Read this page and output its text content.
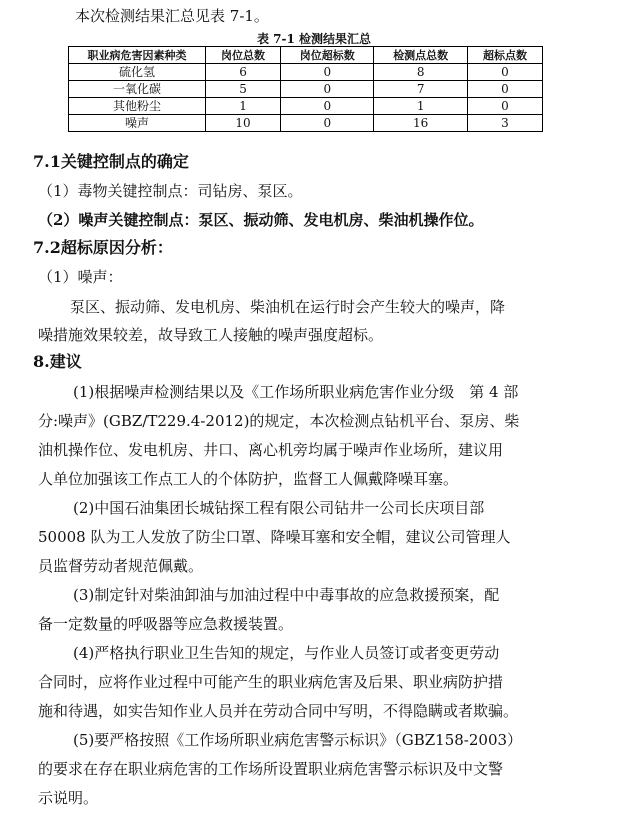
本次检测结果汇总见表 7-1。
表 7-1 检测结果汇总
职业病危害因素种类	岗位总数	岗位超标数	检测点总数	超标点数
硫化氢	6	0	8	0
一氧化碳	5	0	7	0
其他粉尘	1	0	1	0
噪声	10	0	16	3
7.1关键控制点的确定
（1）毒物关键控制点：司钻房、泵区。
（2）噪声关键控制点：泵区、振动筛、发电机房、柴油机操作位。
7.2超标原因分析：
（1）噪声：
泵区、振动筛、发电机房、柴油机在运行时会产生较大的噪声，降
噪措施效果较差，故导致工人接触的噪声强度超标。
8.建议
(1)根据噪声检测结果以及《工作场所职业病危害作业分级　第 4 部
分:噪声》(GBZ/T229.4-2012)的规定，本次检测点钻机平台、泵房、柴
油机操作位、发电机房、井口、离心机旁均属于噪声作业场所，建议用
人单位加强该工作点工人的个体防护，监督工人佩戴降噪耳塞。
(2)中国石油集团长城钻探工程有限公司钻井一公司长庆项目部
50008 队为工人发放了防尘口罩、降噪耳塞和安全帽，建议公司管理人
员监督劳动者规范佩戴。
(3)制定针对柴油卸油与加油过程中中毒事故的应急救援预案，配
备一定数量的呼吸器等应急救援装置。
(4)严格执行职业卫生告知的规定，与作业人员签订或者变更劳动
合同时，应将作业过程中可能产生的职业病危害及后果、职业病防护措
施和待遇，如实告知作业人员并在劳动合同中写明，不得隐瞒或者欺骗。
(5)要严格按照《工作场所职业病危害警示标识》（GBZ158-2003）
的要求在存在职业病危害的工作场所设置职业病危害警示标识及中文警
示说明。
